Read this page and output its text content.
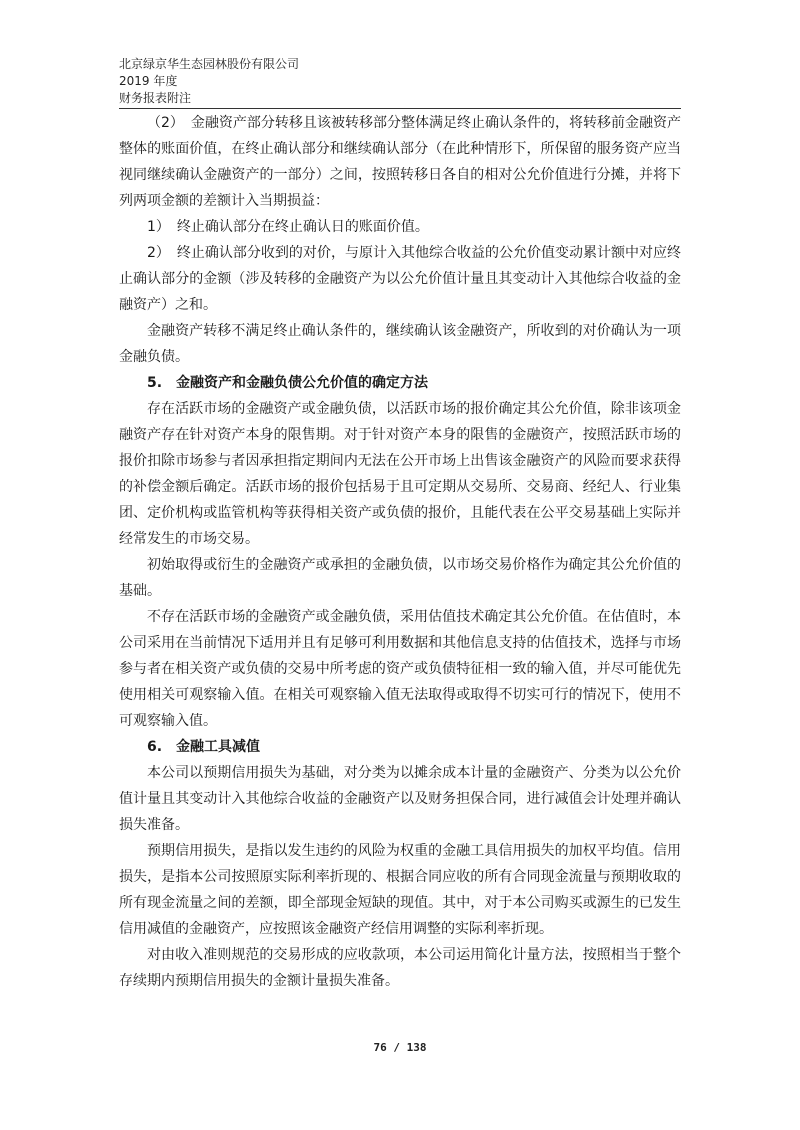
北京绿京华生态园林股份有限公司
2019 年度
财务报表附注

（2）　金融资产部分转移且该被转移部分整体满足终止确认条件的，将转移前金融资产整体的账面价值，在终止确认部分和继续确认部分（在此种情形下，所保留的服务资产应当视同继续确认金融资产的一部分）之间，按照转移日各自的相对公允价值进行分摊，并将下列两项金额的差额计入当期损益：

1）　终止确认部分在终止确认日的账面价值。

2）　终止确认部分收到的对价，与原计入其他综合收益的公允价值变动累计额中对应终止确认部分的金额（涉及转移的金融资产为以公允价值计量且其变动计入其他综合收益的金融资产）之和。

金融资产转移不满足终止确认条件的，继续确认该金融资产，所收到的对价确认为一项金融负债。

5.　金融资产和金融负债公允价值的确定方法

存在活跃市场的金融资产或金融负债，以活跃市场的报价确定其公允价值，除非该项金融资产存在针对资产本身的限售期。对于针对资产本身的限售的金融资产，按照活跃市场的报价扣除市场参与者因承担指定期间内无法在公开市场上出售该金融资产的风险而要求获得的补偿金额后确定。活跃市场的报价包括易于且可定期从交易所、交易商、经纪人、行业集团、定价机构或监管机构等获得相关资产或负债的报价，且能代表在公平交易基础上实际并经常发生的市场交易。

初始取得或衍生的金融资产或承担的金融负债，以市场交易价格作为确定其公允价值的基础。

不存在活跃市场的金融资产或金融负债，采用估值技术确定其公允价值。在估值时，本公司采用在当前情况下适用并且有足够可利用数据和其他信息支持的估值技术，选择与市场参与者在相关资产或负债的交易中所考虑的资产或负债特征相一致的输入值，并尽可能优先使用相关可观察输入值。在相关可观察输入值无法取得或取得不切实可行的情况下，使用不可观察输入值。

6.　金融工具减值

本公司以预期信用损失为基础，对分类为以摊余成本计量的金融资产、分类为以公允价值计量且其变动计入其他综合收益的金融资产以及财务担保合同，进行减值会计处理并确认损失准备。

预期信用损失，是指以发生违约的风险为权重的金融工具信用损失的加权平均值。信用损失，是指本公司按照原实际利率折现的、根据合同应收的所有合同现金流量与预期收取的所有现金流量之间的差额，即全部现金短缺的现值。其中，对于本公司购买或源生的已发生信用减值的金融资产，应按照该金融资产经信用调整的实际利率折现。

对由收入准则规范的交易形成的应收款项，本公司运用简化计量方法，按照相当于整个存续期内预期信用损失的金额计量损失准备。

76 / 138
